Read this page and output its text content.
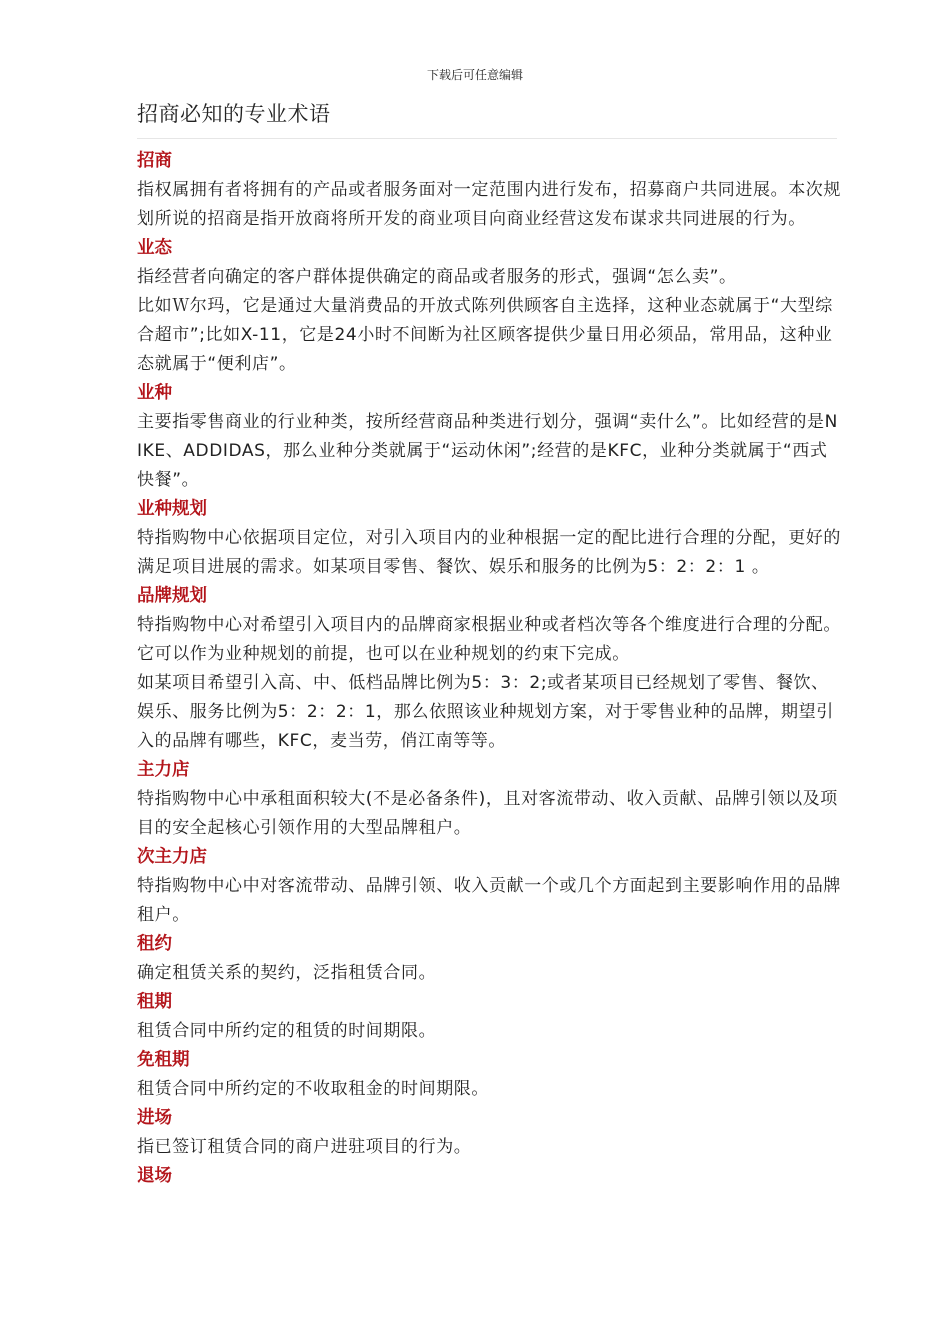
下载后可任意编辑
招商必知的专业术语
招商
指权属拥有者将拥有的产品或者服务面对一定范围内进行发布，招募商户共同进展。本次规划所说的招商是指开放商将所开发的商业项目向商业经营这发布谋求共同进展的行为。
业态
指经营者向确定的客户群体提供确定的商品或者服务的形式，强调“怎么卖”。
比如Ｗ尔玛，它是通过大量消费品的开放式陈列供顾客自主选择，这种业态就属于“大型综合超市”;比如X-11，它是24小时不间断为社区顾客提供少量日用必须品，常用品，这种业态就属于“便利店”。
业种
主要指零售商业的行业种类，按所经营商品种类进行划分，强调“卖什么”。比如经营的是NIKE、ADDIDAS，那么业种分类就属于“运动休闲”;经营的是KFC，业种分类就属于“西式快餐”。
业种规划
特指购物中心依据项目定位，对引入项目内的业种根据一定的配比进行合理的分配，更好的满足项目进展的需求。如某项目零售、餐饮、娱乐和服务的比例为5：2：2：1 。
品牌规划
特指购物中心对希望引入项目内的品牌商家根据业种或者档次等各个维度进行合理的分配。它可以作为业种规划的前提，也可以在业种规划的约束下完成。
如某项目希望引入高、中、低档品牌比例为5：3：2;或者某项目已经规划了零售、餐饮、娱乐、服务比例为5：2：2：1，那么依照该业种规划方案，对于零售业种的品牌，期望引入的品牌有哪些，KFC，麦当劳，俏江南等等。
主力店
特指购物中心中承租面积较大(不是必备条件)，且对客流带动、收入贡献、品牌引领以及项目的安全起核心引领作用的大型品牌租户。
次主力店
特指购物中心中对客流带动、品牌引领、收入贡献一个或几个方面起到主要影响作用的品牌租户。
租约
确定租赁关系的契约，泛指租赁合同。
租期
租赁合同中所约定的租赁的时间期限。
免租期
租赁合同中所约定的不收取租金的时间期限。
进场
指已签订租赁合同的商户进驻项目的行为。
退场
